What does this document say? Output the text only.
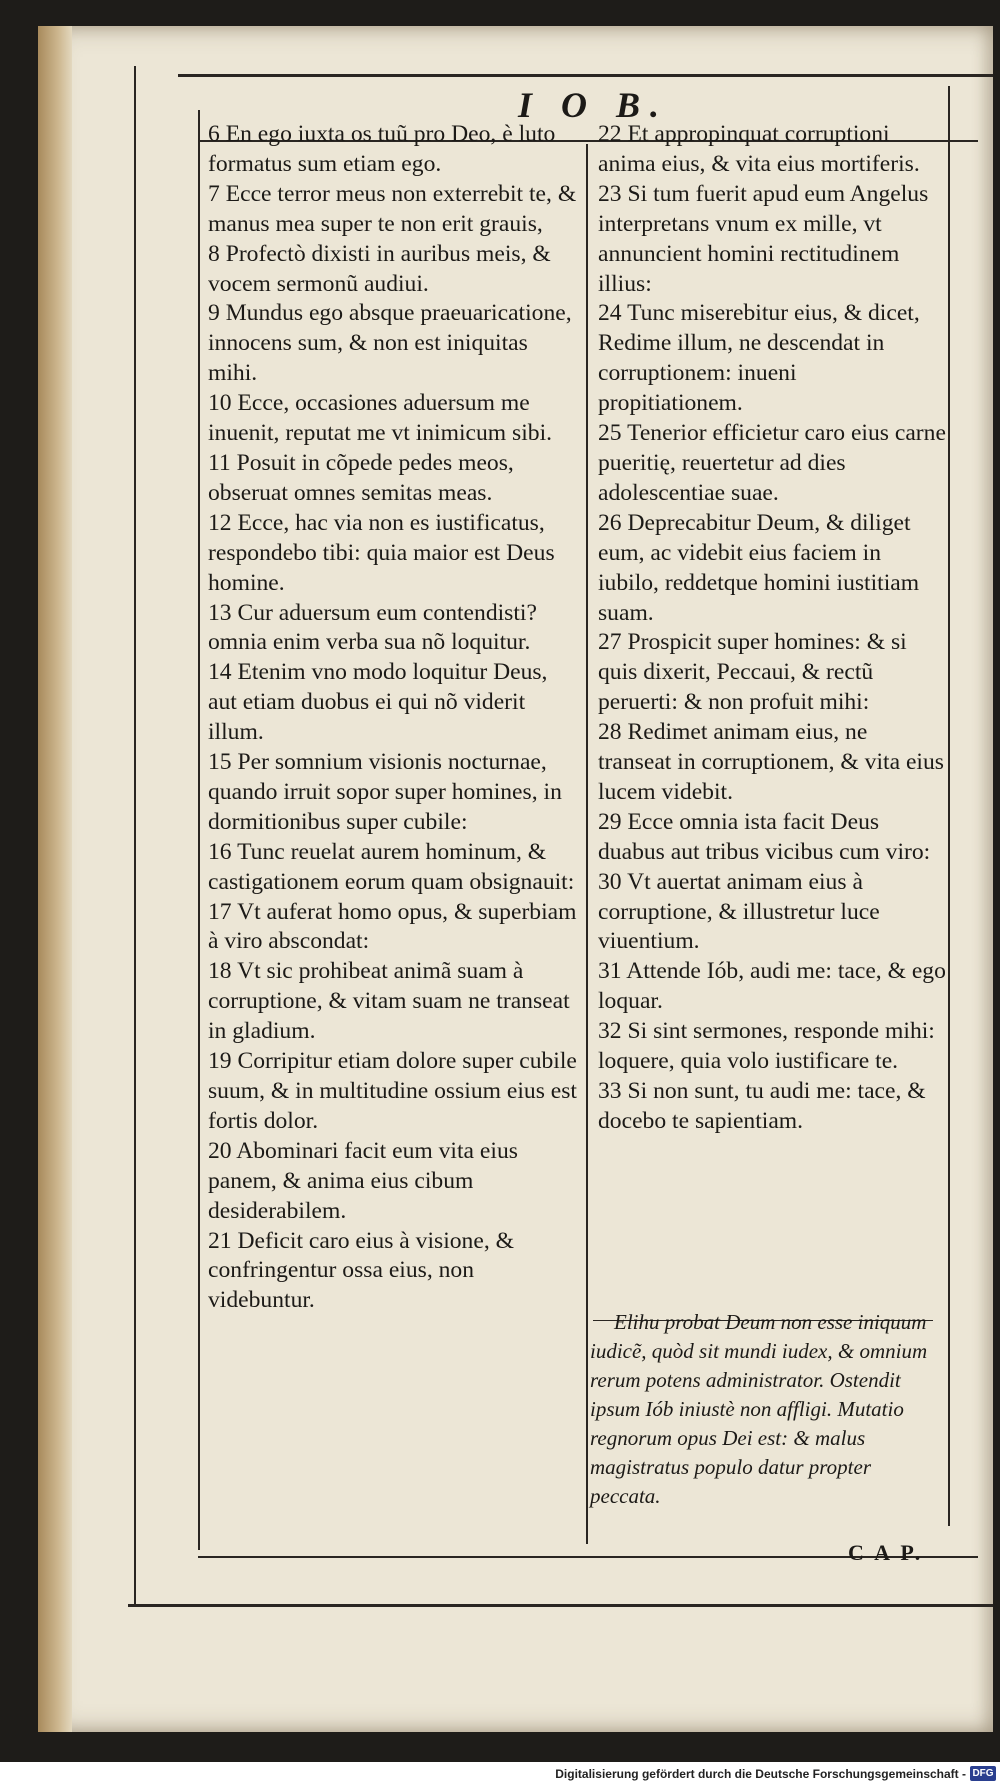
I O B.

6 En ego iuxta os tuũ pro Deo, è luto formatus sum etiam ego.

7 Ecce terror meus non exterrebit te, & manus mea super te non erit grauis,

8 Profectò dixisti in auribus meis, & vocem sermonũ audiui.

9 Mundus ego absque praeuaricatione, innocens sum, & non est iniquitas mihi.

10 Ecce, occasiones aduersum me inuenit, reputat me vt inimicum sibi.

11 Posuit in cõpede pedes meos, obseruat omnes semitas meas.

12 Ecce, hac via non es iustificatus, respondebo tibi: quia maior est Deus homine.

13 Cur aduersum eum contendisti? omnia enim verba sua nõ loquitur.

14 Etenim vno modo loquitur Deus, aut etiam duobus ei qui nõ viderit illum.

15 Per somnium visionis nocturnae, quando irruit sopor super homines, in dormitionibus super cubile:

16 Tunc reuelat aurem hominum, & castigationem eorum quam obsignauit:

17 Vt auferat homo opus, & superbiam à viro abscondat:

18 Vt sic prohibeat animã suam à corruptione, & vitam suam ne transeat in gladium.

19 Corripitur etiam dolore super cubile suum, & in multitudine ossium eius est fortis dolor.

20 Abominari facit eum vita eius panem, & anima eius cibum desiderabilem.

21 Deficit caro eius à visione, & confringentur ossa eius, non videbuntur.

22 Et appropinquat corruptioni anima eius, & vita eius mortiferis.

23 Si tum fuerit apud eum Angelus interpretans vnum ex mille, vt annuncient homini rectitudinem illius:

24 Tunc miserebitur eius, & dicet, Redime illum, ne descendat in corruptionem: inueni propitiationem.

25 Tenerior efficietur caro eius carne pueritię, reuertetur ad dies adolescentiae suae.

26 Deprecabitur Deum, & diliget eum, ac videbit eius faciem in iubilo, reddetque homini iustitiam suam.

27 Prospicit super homines: & si quis dixerit, Peccaui, & rectũ peruerti: & non profuit mihi:

28 Redimet animam eius, ne transeat in corruptionem, & vita eius lucem videbit.

29 Ecce omnia ista facit Deus duabus aut tribus vicibus cum viro:

30 Vt auertat animam eius à corruptione, & illustretur luce viuentium.

31 Attende Iób, audi me: tace, & ego loquar.

32 Si sint sermones, responde mihi: loquere, quia volo iustificare te.

33 Si non sunt, tu audi me: tace, & docebo te sapientiam.

Elihu probat Deum non esse iniquum iudicẽ, quòd sit mundi iudex, & omnium rerum potens administrator. Ostendit ipsum Iób iniustè non affligi. Mutatio regnorum opus Dei est: & malus magistratus populo datur propter peccata.
C A P.
Digitalisierung gefördert durch die Deutsche Forschungsgemeinschaft - DFG
